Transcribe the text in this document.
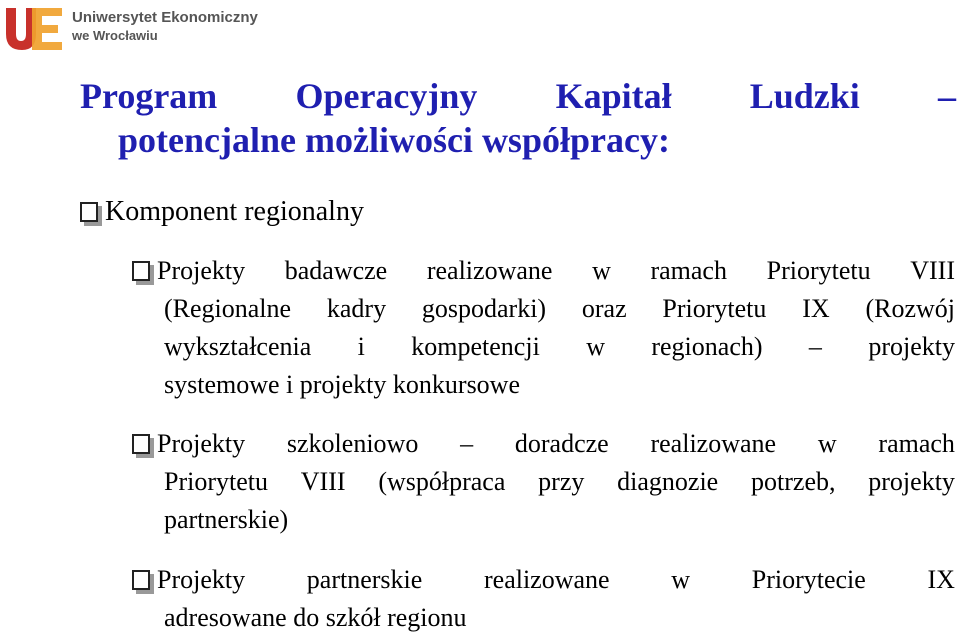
Uniwersytet Ekonomiczny
we Wrocławiu
Program Operacyjny Kapitał Ludzki –
potencjalne możliwości współpracy:
Komponent regionalny
Projekty badawcze realizowane w ramach Priorytetu VIII
(Regionalne kadry gospodarki) oraz Priorytetu IX (Rozwój
wykształcenia i kompetencji w regionach) – projekty
systemowe i projekty konkursowe
Projekty szkoleniowo – doradcze realizowane w ramach
Priorytetu VIII (współpraca przy diagnozie potrzeb, projekty
partnerskie)
Projekty partnerskie realizowane w Priorytecie IX
adresowane do szkół regionu
